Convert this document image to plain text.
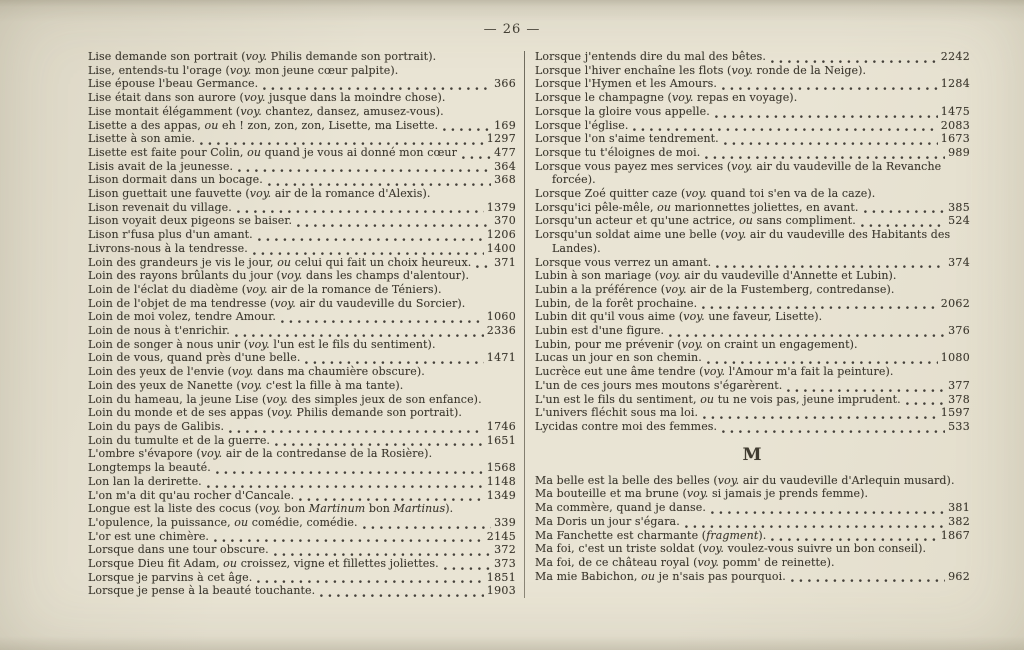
— 26 —
Lise demande son portrait (voy. Philis demande son portrait).
Lise, entends-tu l'orage (voy. mon jeune cœur palpite).
Lise épouse l'beau Germance.	366
Lise était dans son aurore (voy. jusque dans la moindre chose).
Lise montait élégamment (voy. chantez, dansez, amusez-vous).
Lisette a des appas, ou eh ! zon, zon, zon, Lisette, ma Lisette.	169
Lisette à son amie.	1297
Lisette est faite pour Colin, ou quand je vous ai donné mon cœur	477
Lisis avait de la jeunesse.	364
Lison dormait dans un bocage.	368
Lison guettait une fauvette (voy. air de la romance d'Alexis).
Lison revenait du village.	1379
Lison voyait deux pigeons se baiser.	370
Lison r'fusa plus d'un amant.	1206
Livrons-nous à la tendresse.	1400
Loin des grandeurs je vis le jour, ou celui qui fait un choix heureux. 371
Loin des rayons brûlants du jour (voy. dans les champs d'alentour).
Loin de l'éclat du diadème (voy. air de la romance de Téniers).
Loin de l'objet de ma tendresse (voy. air du vaudeville du Sorcier).
Loin de moi volez, tendre Amour.	1060
Loin de nous à t'enrichir.	2336
Loin de songer à nous unir (voy. l'un est le fils du sentiment).
Loin de vous, quand près d'une belle.	1471
Loin des yeux de l'envie (voy. dans ma chaumière obscure).
Loin des yeux de Nanette (voy. c'est la fille à ma tante).
Loin du hameau, la jeune Lise (voy. des simples jeux de son enfance).
Loin du monde et de ses appas (voy. Philis demande son portrait).
Loin du pays de Galibis.	1746
Loin du tumulte et de la guerre.	1651
L'ombre s'évapore (voy. air de la contredanse de la Rosière).
Longtemps la beauté.	1568
Lon lan la derirette.	1148
L'on m'a dit qu'au rocher d'Cancale.	1349
Longue est la liste des cocus (voy. bon Martinum bon Martinus).
L'opulence, la puissance, ou comédie, comédie.	339
L'or est une chimère.	2145
Lorsque dans une tour obscure.	372
Lorsque Dieu fit Adam, ou croissez, vigne et fillettes joliettes.	373
Lorsque je parvins à cet âge.	1851
Lorsque je pense à la beauté touchante.	1903
Lorsque j'entends dire du mal des bêtes.	2242
Lorsque l'hiver enchaîne les flots (voy. ronde de la Neige).
Lorsque l'Hymen et les Amours.	1284
Lorsque le champagne (voy. repas en voyage).
Lorsque la gloire vous appelle.	1475
Lorsque l'église.	2083
Lorsque l'on s'aime tendrement.	1673
Lorsque tu t'éloignes de moi.	989
Lorsque vous payez mes services (voy. air du vaudeville de la Revanche forcée).
Lorsque Zoé quitter caze (voy. quand toi s'en va de la caze).
Lorsqu'ici pêle-mêle, ou marionnettes joliettes, en avant.	385
Lorsqu'un acteur et qu'une actrice, ou sans compliment.	524
Lorsqu'un soldat aime une belle (voy. air du vaudeville des Habitants des Landes).
Lorsque vous verrez un amant.	374
Lubin à son mariage (voy. air du vaudeville d'Annette et Lubin).
Lubin a la préférence (voy. air de la Fustemberg, contredanse).
Lubin, de la forêt prochaine.	2062
Lubin dit qu'il vous aime (voy. une faveur, Lisette).
Lubin est d'une figure.	376
Lubin, pour me prévenir (voy. on craint un engagement).
Lucas un jour en son chemin.	1080
Lucrèce eut une âme tendre (voy. l'Amour m'a fait la peinture).
L'un de ces jours mes moutons s'égarèrent.	377
L'un est le fils du sentiment, ou tu ne vois pas, jeune imprudent.	378
L'univers fléchit sous ma loi.	1597
Lycidas contre moi des femmes.	533
M
Ma belle est la belle des belles (voy. air du vaudeville d'Arlequin musard).
Ma bouteille et ma brune (voy. si jamais je prends femme).
Ma commère, quand je danse.	381
Ma Doris un jour s'égara.	382
Ma Fanchette est charmante (fragment).	1867
Ma foi, c'est un triste soldat (voy. voulez-vous suivre un bon conseil).
Ma foi, de ce château royal (voy. pomm' de reinette).
Ma mie Babichon, ou je n'sais pas pourquoi.	962
